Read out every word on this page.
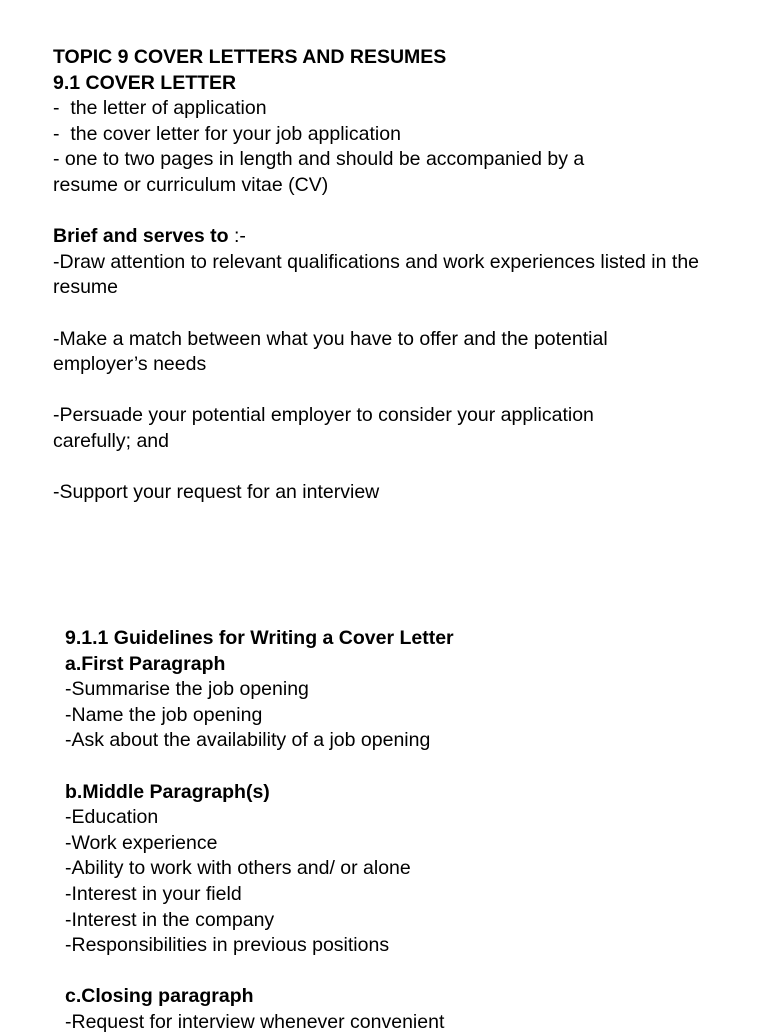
TOPIC 9 COVER LETTERS AND RESUMES

9.1 COVER LETTER

-  the letter of application

-  the cover letter for your job application

- one to two pages in length and should be accompanied by a resume or curriculum vitae (CV)

Brief and serves to :-

-Draw attention to relevant qualifications and work experiences listed in the resume

-Make a match between what you have to offer and the potential employer’s needs

-Persuade your potential employer to consider your application carefully; and

-Support your request for an interview

9.1.1 Guidelines for Writing a Cover Letter

a.First Paragraph

-Summarise the job opening

-Name the job opening

-Ask about the availability of a job opening

b.Middle Paragraph(s)

-Education

-Work experience

-Ability to work with others and/ or alone

-Interest in your field

-Interest in the company

-Responsibilities in previous positions

c.Closing paragraph

-Request for interview whenever convenient
